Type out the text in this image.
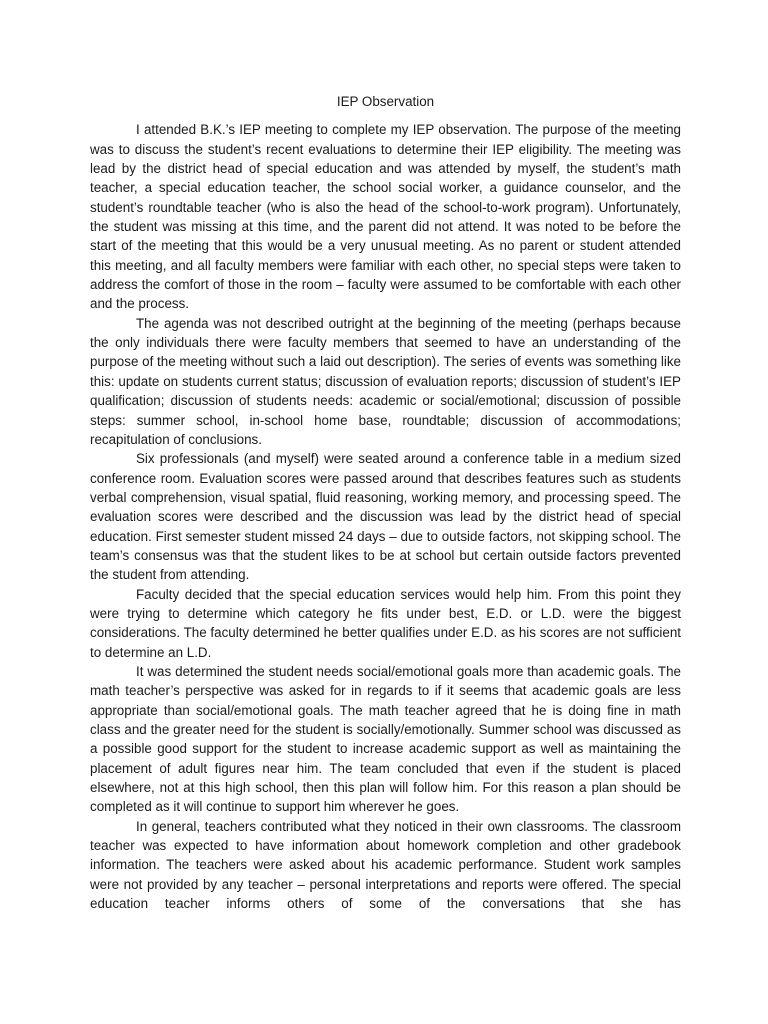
IEP Observation

I attended B.K.’s IEP meeting to complete my IEP observation. The purpose of the meeting was to discuss the student’s recent evaluations to determine their IEP eligibility. The meeting was lead by the district head of special education and was attended by myself, the student’s math teacher, a special education teacher, the school social worker, a guidance counselor, and the student’s roundtable teacher (who is also the head of the school-to-work program). Unfortunately, the student was missing at this time, and the parent did not attend. It was noted to be before the start of the meeting that this would be a very unusual meeting. As no parent or student attended this meeting, and all faculty members were familiar with each other, no special steps were taken to address the comfort of those in the room – faculty were assumed to be comfortable with each other and the process.

The agenda was not described outright at the beginning of the meeting (perhaps because the only individuals there were faculty members that seemed to have an understanding of the purpose of the meeting without such a laid out description). The series of events was something like this: update on students current status; discussion of evaluation reports; discussion of student’s IEP qualification; discussion of students needs: academic or social/emotional; discussion of possible steps: summer school, in-school home base, roundtable; discussion of accommodations; recapitulation of conclusions.

Six professionals (and myself) were seated around a conference table in a medium sized conference room. Evaluation scores were passed around that describes features such as students verbal comprehension, visual spatial, fluid reasoning, working memory, and processing speed. The evaluation scores were described and the discussion was lead by the district head of special education. First semester student missed 24 days – due to outside factors, not skipping school. The team’s consensus was that the student likes to be at school but certain outside factors prevented the student from attending.

Faculty decided that the special education services would help him. From this point they were trying to determine which category he fits under best, E.D. or L.D. were the biggest considerations. The faculty determined he better qualifies under E.D. as his scores are not sufficient to determine an L.D.

It was determined the student needs social/emotional goals more than academic goals. The math teacher’s perspective was asked for in regards to if it seems that academic goals are less appropriate than social/emotional goals. The math teacher agreed that he is doing fine in math class and the greater need for the student is socially/emotionally. Summer school was discussed as a possible good support for the student to increase academic support as well as maintaining the placement of adult figures near him. The team concluded that even if the student is placed elsewhere, not at this high school, then this plan will follow him. For this reason a plan should be completed as it will continue to support him wherever he goes.

In general, teachers contributed what they noticed in their own classrooms. The classroom teacher was expected to have information about homework completion and other gradebook information. The teachers were asked about his academic performance. Student work samples were not provided by any teacher – personal interpretations and reports were offered. The special education teacher informs others of some of the conversations that she has
